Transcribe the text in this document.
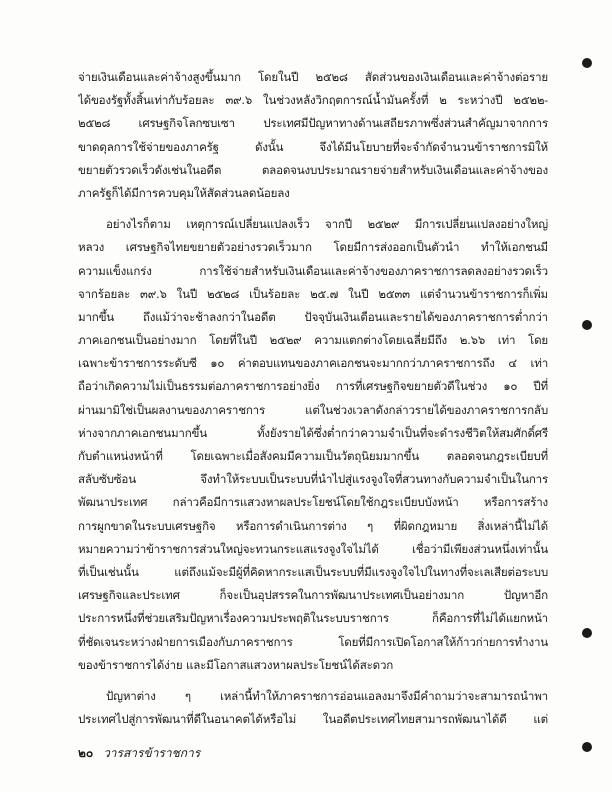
จ่ายเงินเดือนและค่าจ้างสูงขึ้นมาก โดยในปี ๒๕๒๘ สัดส่วนของเงินเดือนและค่าจ้างต่อราย
ได้ของรัฐทั้งสิ้นเท่ากับร้อยละ ๓๙.๖ ในช่วงหลังวิกฤตการณ์น้ำมันครั้งที่ ๒ ระหว่างปี ๒๕๒๒-
๒๕๒๘ เศรษฐกิจโลกซบเซา ประเทศมีปัญหาทางด้านเสถียรภาพซึ่งส่วนสำคัญมาจากการ
ขาดดุลการใช้จ่ายของภาครัฐ ดังนั้น จึงได้มีนโยบายที่จะจำกัดจำนวนข้าราชการมิให้
ขยายตัวรวดเร็วดังเช่นในอดีต ตลอดจนงบประมาณรายจ่ายสำหรับเงินเดือนและค่าจ้างของ
ภาครัฐก็ได้มีการควบคุมให้สัดส่วนลดน้อยลง
อย่างไรก็ตาม เหตุการณ์เปลี่ยนแปลงเร็ว จากปี ๒๕๒๙ มีการเปลี่ยนแปลงอย่างใหญ่
หลวง เศรษฐกิจไทยขยายตัวอย่างรวดเร็วมาก โดยมีการส่งออกเป็นตัวนำ ทำให้เอกชนมี
ความแข็งแกร่ง การใช้จ่ายสำหรับเงินเดือนและค่าจ้างของภาคราชการลดลงอย่างรวดเร็ว
จากร้อยละ ๓๙.๖ ในปี ๒๕๒๘ เป็นร้อยละ ๒๕.๗ ในปี ๒๕๓๓ แต่จำนวนข้าราชการก็เพิ่ม
มากขึ้น ถึงแม้ว่าจะช้าลงกว่าในอดีต ปัจจุบันเงินเดือนและรายได้ของภาคราชการต่ำกว่า
ภาคเอกชนเป็นอย่างมาก โดยที่ในปี ๒๕๒๙ ความแตกต่างโดยเฉลี่ยมีถึง ๒.๖๖ เท่า โดย
เฉพาะข้าราชการระดับซี ๑๐ ค่าตอบแทนของภาคเอกชนจะมากกว่าภาคราชการถึง ๔ เท่า
ถือว่าเกิดความไม่เป็นธรรมต่อภาคราชการอย่างยิ่ง การที่เศรษฐกิจขยายตัวดีในช่วง ๑๐ ปีที่
ผ่านมามิใช่เป็นผลงานของภาคราชการ แต่ในช่วงเวลาดังกล่าวรายได้ของภาคราชการกลับ
ห่างจากภาคเอกชนมากขึ้น ทั้งยังรายได้ซึ่งต่ำกว่าความจำเป็นที่จะดำรงชีวิตให้สมศักดิ์ศรี
กับตำแหน่งหน้าที่ โดยเฉพาะเมื่อสังคมมีความเป็นวัตถุนิยมมากขึ้น ตลอดจนกฎระเบียบที่
สลับซับซ้อน จึงทำให้ระบบเป็นระบบที่นำไปสู่แรงจูงใจที่สวนทางกับความจำเป็นในการ
พัฒนาประเทศ กล่าวคือมีการแสวงหาผลประโยชน์โดยใช้กฎระเบียบบังหน้า หรือการสร้าง
การผูกขาดในระบบเศรษฐกิจ หรือการดำเนินการต่าง ๆ ที่ผิดกฎหมาย สิ่งเหล่านี้ไม่ได้
หมายความว่าข้าราชการส่วนใหญ่จะทวนกระแสแรงจูงใจไม่ได้ เชื่อว่ามีเพียงส่วนหนึ่งเท่านั้น
ที่เป็นเช่นนั้น แต่ถึงแม้จะมีผู้ที่คิดหากระแสเป็นระบบที่มีแรงจูงใจไปในทางที่จะเลเสียต่อระบบ
เศรษฐกิจและประเทศ ก็จะเป็นอุปสรรคในการพัฒนาประเทศเป็นอย่างมาก ปัญหาอีก
ประการหนึ่งที่ช่วยเสริมปัญหาเรื่องความประพฤติในระบบราชการ ก็คือการที่ไม่ได้แยกหน้า
ที่ชัดเจนระหว่างฝ่ายการเมืองกับภาคราชการ โดยที่มีการเปิดโอกาสให้ก้าวก่ายการทำงาน
ของข้าราชการได้ง่าย และมีโอกาสแสวงหาผลประโยชน์ได้สะดวก
ปัญหาต่าง ๆ เหล่านี้ทำให้ภาคราชการอ่อนแอลงมาจึงมีคำถามว่าจะสามารถนำพา
ประเทศไปสู่การพัฒนาที่ดีในอนาคตได้หรือไม่ ในอดีตประเทศไทยสามารถพัฒนาได้ดี แต่
๒๐ วารสารข้าราชการ
